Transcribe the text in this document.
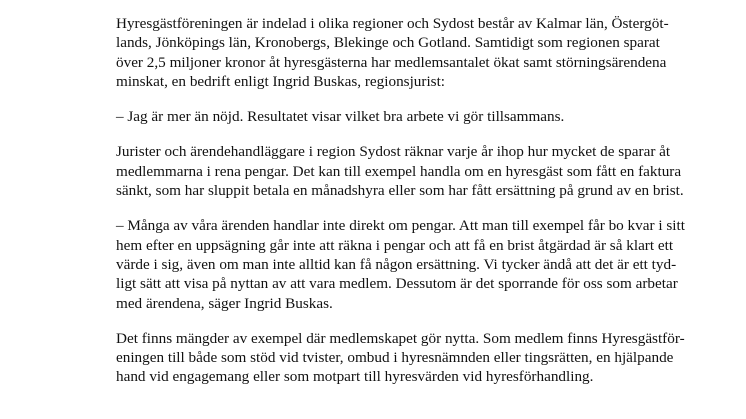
Hyresgästföreningen är indelad i olika regioner och Sydost består av Kalmar län, Östergöt-
lands, Jönköpings län, Kronobergs, Blekinge och Gotland. Samtidigt som regionen sparat
över 2,5 miljoner kronor åt hyresgästerna har medlemsantalet ökat samt störningsärendena
minskat, en bedrift enligt Ingrid Buskas, regionsjurist:

– Jag är mer än nöjd. Resultatet visar vilket bra arbete vi gör tillsammans.

Jurister och ärendehandläggare i region Sydost räknar varje år ihop hur mycket de sparar åt
medlemmarna i rena pengar. Det kan till exempel handla om en hyresgäst som fått en faktura
sänkt, som har sluppit betala en månadshyra eller som har fått ersättning på grund av en brist.

– Många av våra ärenden handlar inte direkt om pengar. Att man till exempel får bo kvar i sitt
hem efter en uppsägning går inte att räkna i pengar och att få en brist åtgärdad är så klart ett
värde i sig, även om man inte alltid kan få någon ersättning. Vi tycker ändå att det är ett tyd-
ligt sätt att visa på nyttan av att vara medlem. Dessutom är det sporrande för oss som arbetar
med ärendena, säger Ingrid Buskas.

Det finns mängder av exempel där medlemskapet gör nytta. Som medlem finns Hyresgästför-
eningen till både som stöd vid tvister, ombud i hyresnämnden eller tingsrätten, en hjälpande
hand vid engagemang eller som motpart till hyresvärden vid hyresförhandling.
